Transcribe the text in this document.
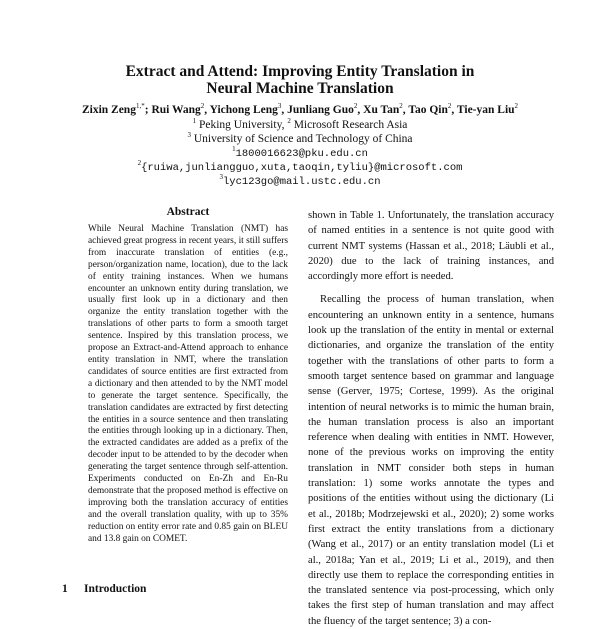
Extract and Attend: Improving Entity Translation in
Neural Machine Translation
Zixin Zeng$^{1,*}$; Rui Wang$^2$, Yichong Leng$^3$, Junliang Guo$^2$, Xu Tan$^2$, Tao Qin$^2$, Tie-yan Liu$^2$
$^1$ Peking University, $^2$ Microsoft Research Asia
$^3$ University of Science and Technology of China
$^1$1800016623@pku.edu.cn
$^2${ruiwa,junliangguo,xuta,taoqin,tyliu}@microsoft.com
$^3$lyc123go@mail.ustc.edu.cn
Abstract
While Neural Machine Translation (NMT) has achieved great progress in recent years, it still suffers from inaccurate translation of entities (e.g., person/organization name, location), due to the lack of entity training instances. When we humans encounter an unknown entity during translation, we usually first look up in a dictionary and then organize the entity translation together with the translations of other parts to form a smooth target sentence. Inspired by this translation process, we propose an Extract-and-Attend approach to enhance entity translation in NMT, where the translation candidates of source entities are first extracted from a dictionary and then attended to by the NMT model to generate the target sentence. Specifically, the translation candidates are extracted by first detecting the entities in a source sentence and then translating the entities through looking up in a dictionary. Then, the extracted candidates are added as a prefix of the decoder input to be attended to by the decoder when generating the target sentence through self-attention. Experiments conducted on En-Zh and En-Ru demonstrate that the proposed method is effective on improving both the translation accuracy of entities and the overall translation quality, with up to 35% reduction on entity error rate and 0.85 gain on BLEU and 13.8 gain on COMET.
1 Introduction

shown in Table 1. Unfortunately, the translation accuracy of named entities in a sentence is not quite good with current NMT systems (Hassan et al., 2018; Läubli et al., 2020) due to the lack of training instances, and accordingly more effort is needed.

Recalling the process of human translation, when encountering an unknown entity in a sentence, humans look up the translation of the entity in mental or external dictionaries, and organize the translation of the entity together with the translations of other parts to form a smooth target sentence based on grammar and language sense (Gerver, 1975; Cortese, 1999). As the original intention of neural networks is to mimic the human brain, the human translation process is also an important reference when dealing with entities in NMT. However, none of the previous works on improving the entity translation in NMT consider both steps in human translation: 1) some works annotate the types and positions of the entities without using the dictionary (Li et al., 2018b; Modrzejewski et al., 2020); 2) some works first extract the entity translations from a dictionary (Wang et al., 2017) or an entity translation model (Li et al., 2018a; Yan et al., 2019; Li et al., 2019), and then directly use them to replace the corresponding entities in the translated sentence via post-processing, which only takes the first step of human translation and may affect the fluency of the target sentence; 3) a con-
